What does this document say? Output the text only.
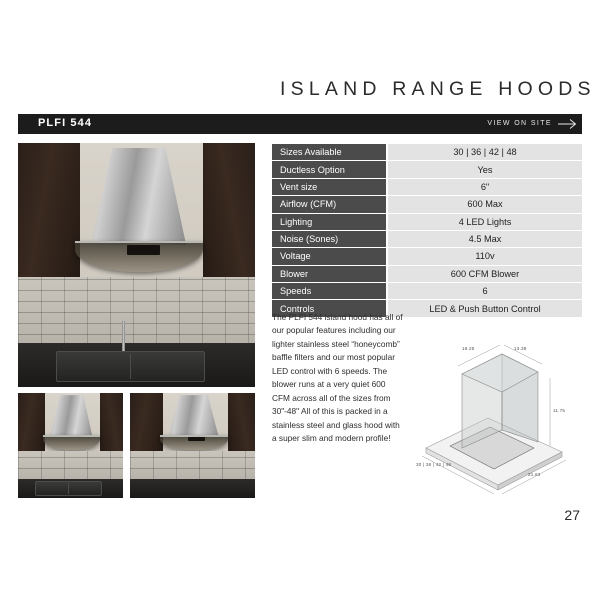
ISLAND RANGE HOODS
PLFI 544	VIEW ON SITE
Sizes Available	30 | 36 | 42 | 48
Ductless Option	Yes
Vent size	6"
Airflow (CFM)	600 Max
Lighting	4 LED Lights
Noise (Sones)	4.5 Max
Voltage	110v
Blower	600 CFM Blower
Speeds	6
Controls	LED & Push Button Control
The PLFI 544 island hood has all of our popular features including our lighter stainless steel “honeycomb” baffle filters and our most popular LED control with 6 speeds. The blower runs at a very quiet 600 CFM across all of the sizes from 30"-48" All of this is packed in a stainless steel and glass hood with a super slim and modern profile!
19.25	13.38
11.75
30 | 36 | 42 | 48
21.63
27
